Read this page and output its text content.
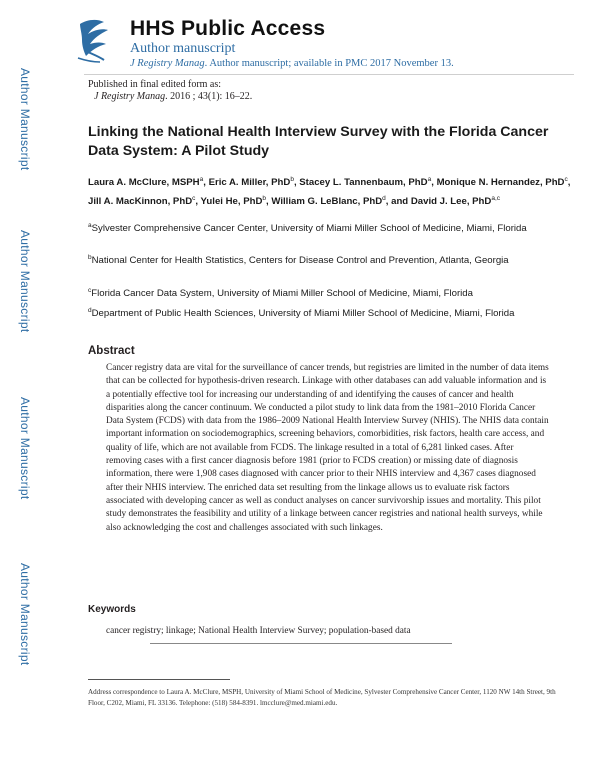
HHS Public Access
Author manuscript
J Registry Manag. Author manuscript; available in PMC 2017 November 13.
Author Manuscript
Author Manuscript
Author Manuscript
Author Manuscript
Published in final edited form as:
J Registry Manag. 2016 ; 43(1): 16–22.
Linking the National Health Interview Survey with the Florida Cancer Data System: A Pilot Study
Laura A. McClure, MSPH$^a$, Eric A. Miller, PhD$^b$, Stacey L. Tannenbaum, PhD$^a$, Monique N. Hernandez, PhD$^c$, Jill A. MacKinnon, PhD$^c$, Yulei He, PhD$^b$, William G. LeBlanc, PhD$^d$, and David J. Lee, PhD$^{a,c}$
$^a$Sylvester Comprehensive Cancer Center, University of Miami Miller School of Medicine, Miami, Florida
$^b$National Center for Health Statistics, Centers for Disease Control and Prevention, Atlanta, Georgia
$^c$Florida Cancer Data System, University of Miami Miller School of Medicine, Miami, Florida
$^d$Department of Public Health Sciences, University of Miami Miller School of Medicine, Miami, Florida
Abstract
Cancer registry data are vital for the surveillance of cancer trends, but registries are limited in the number of data items that can be collected for hypothesis-driven research. Linkage with other databases can add valuable information and is a potentially effective tool for increasing our understanding of and identifying the causes of cancer and health disparities along the cancer continuum. We conducted a pilot study to link data from the 1981–2010 Florida Cancer Data System (FCDS) with data from the 1986–2009 National Health Interview Survey (NHIS). The NHIS data contain important information on sociodemographics, screening behaviors, comorbidities, risk factors, health care access, and quality of life, which are not available from FCDS. The linkage resulted in a total of 6,281 linked cases. After removing cases with a first cancer diagnosis before 1981 (prior to FCDS creation) or missing date of diagnosis information, there were 1,908 cases diagnosed with cancer prior to their NHIS interview and 4,367 cases diagnosed after their NHIS interview. The enriched data set resulting from the linkage allows us to evaluate risk factors associated with developing cancer as well as conduct analyses on cancer survivorship issues and mortality. This pilot study demonstrates the feasibility and utility of a linkage between cancer registries and national health surveys, while also acknowledging the cost and challenges associated with such linkages.
Keywords
cancer registry; linkage; National Health Interview Survey; population-based data
Address correspondence to Laura A. McClure, MSPH, University of Miami School of Medicine, Sylvester Comprehensive Cancer Center, 1120 NW 14th Street, 9th Floor, C202, Miami, FL 33136. Telephone: (518) 584-8391. lmcclure@med.miami.edu.
